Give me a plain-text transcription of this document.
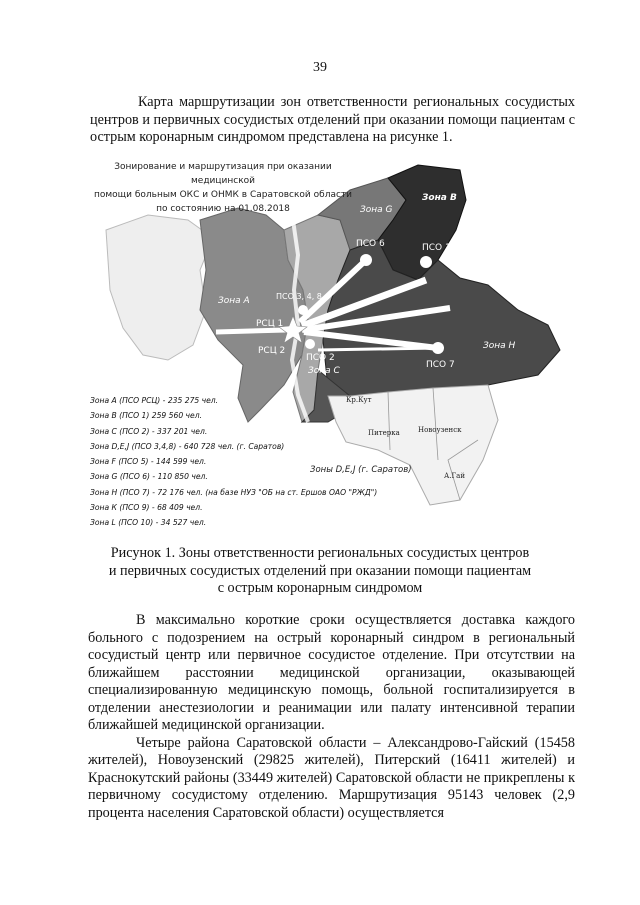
39

Карта маршрутизации зон ответственности региональных сосудистых центров и первичных сосудистых отделений при оказании помощи пациентам с острым коронарным синдромом представлена на рисунке 1.

Зона А
Зона В
Зона G
Зона Н
Зона С
Зоны D,E,J (г. Саратов)
РСЦ 1
РСЦ 2
ПСО 3, 4, 8
ПСО 6	ПСО 1
ПСО 2
ПСО 7
Кр.Кут
Питерка	Новоузенск
А.Гай
Зонирование и маршрутизация при оказании медицинской
помощи больным ОКС и ОНМК в Саратовской области
по состоянию на 01.08.2018
Зона А (ПСО РСЦ) - 235 275 чел.
Зона В (ПСО 1) 259 560 чел.
Зона С (ПСО 2) - 337 201 чел.
Зона D,E,J (ПСО 3,4,8) - 640 728 чел. (г. Саратов)
Зона F (ПСО 5) - 144 599 чел.
Зона G (ПСО 6) - 110 850 чел.
Зона Н (ПСО 7) - 72 176 чел. (на базе НУЗ "ОБ на ст. Ершов ОАО "РЖД")
Зона К (ПСО 9) - 68 409 чел.
Зона L (ПСО 10) - 34 527 чел.
Рисунок 1. Зоны ответственности региональных сосудистых центров
и первичных сосудистых отделений при оказании помощи пациентам
с острым коронарным синдромом

В максимально короткие сроки осуществляется доставка каждого больного с подозрением на острый коронарный синдром в региональный сосудистый центр или первичное сосудистое отделение. При отсутствии на ближайшем расстоянии медицинской организации, оказывающей специализированную медицинскую помощь, больной госпитализируется в отделении анестезиологии и реанимации или палату интенсивной терапии ближайшей медицинской организации.

Четыре района Саратовской области – Александрово-Гайский (15458 жителей), Новоузенский (29825 жителей), Питерский (16411 жителей) и Краснокутский районы (33449 жителей) Саратовской области не прикреплены к первичному сосудистому отделению. Маршрутизация 95143 человек (2,9 процента населения Саратовской области) осуществляется
